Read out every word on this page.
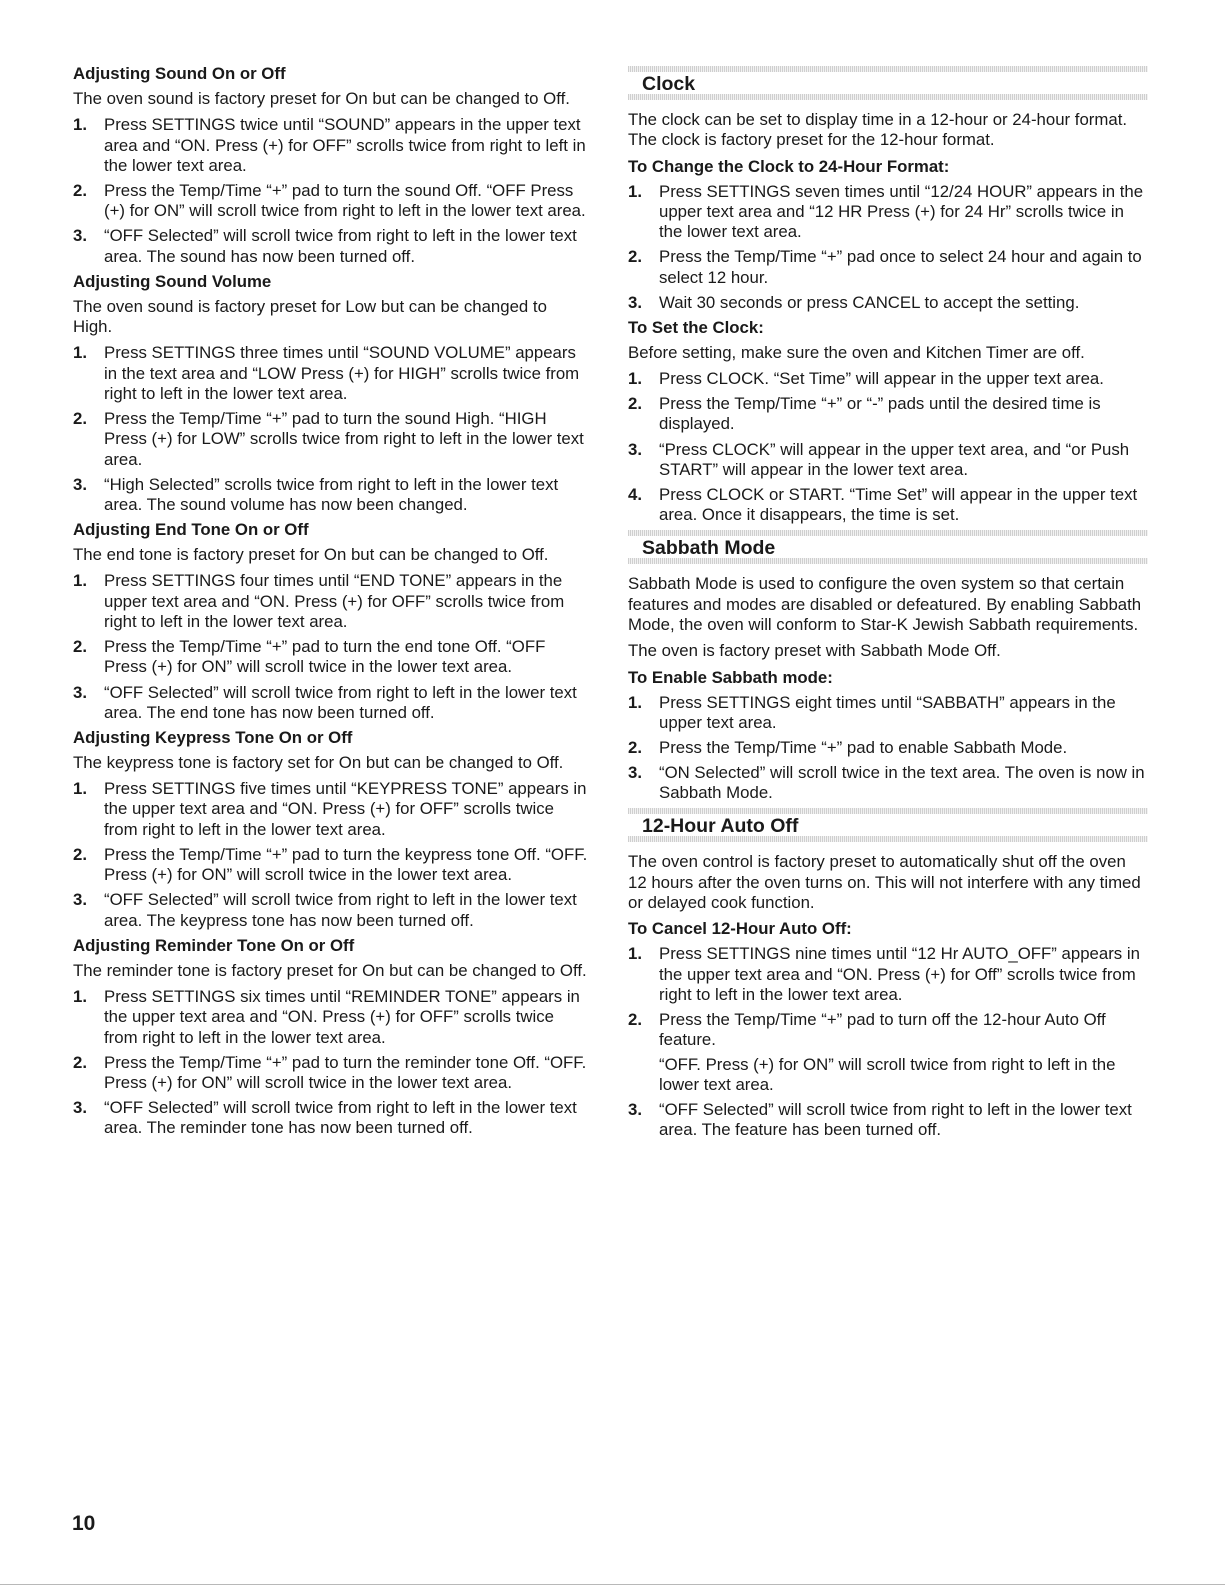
Adjusting Sound On or Off

The oven sound is factory preset for On but can be changed to Off.

1. Press SETTINGS twice until “SOUND” appears in the upper text area and “ON. Press (+) for OFF” scrolls twice from right to left in the lower text area.
2. Press the Temp/Time “+” pad to turn the sound Off. “OFF Press (+) for ON” will scroll twice from right to left in the lower text area.
3. “OFF Selected” will scroll twice from right to left in the lower text area. The sound has now been turned off.

Adjusting Sound Volume

The oven sound is factory preset for Low but can be changed to High.

1. Press SETTINGS three times until “SOUND VOLUME” appears in the text area and “LOW Press (+) for HIGH” scrolls twice from right to left in the lower text area.
2. Press the Temp/Time “+” pad to turn the sound High. “HIGH Press (+) for LOW” scrolls twice from right to left in the lower text area.
3. “High Selected” scrolls twice from right to left in the lower text area. The sound volume has now been changed.

Adjusting End Tone On or Off

The end tone is factory preset for On but can be changed to Off.

1. Press SETTINGS four times until “END TONE” appears in the upper text area and “ON. Press (+) for OFF” scrolls twice from right to left in the lower text area.
2. Press the Temp/Time “+” pad to turn the end tone Off. “OFF Press (+) for ON” will scroll twice in the lower text area.
3. “OFF Selected” will scroll twice from right to left in the lower text area. The end tone has now been turned off.

Adjusting Keypress Tone On or Off

The keypress tone is factory set for On but can be changed to Off.

1. Press SETTINGS five times until “KEYPRESS TONE” appears in the upper text area and “ON. Press (+) for OFF” scrolls twice from right to left in the lower text area.
2. Press the Temp/Time “+” pad to turn the keypress tone Off. “OFF. Press (+) for ON” will scroll twice in the lower text area.
3. “OFF Selected” will scroll twice from right to left in the lower text area. The keypress tone has now been turned off.

Adjusting Reminder Tone On or Off

The reminder tone is factory preset for On but can be changed to Off.

1. Press SETTINGS six times until “REMINDER TONE” appears in the upper text area and “ON. Press (+) for OFF” scrolls twice from right to left in the lower text area.
2. Press the Temp/Time “+” pad to turn the reminder tone Off. “OFF. Press (+) for ON” will scroll twice in the lower text area.
3. “OFF Selected” will scroll twice from right to left in the lower text area. The reminder tone has now been turned off.
Clock

The clock can be set to display time in a 12-hour or 24-hour format. The clock is factory preset for the 12-hour format.

To Change the Clock to 24-Hour Format:

1. Press SETTINGS seven times until “12/24 HOUR” appears in the upper text area and “12 HR Press (+) for 24 Hr” scrolls twice in the lower text area.
2. Press the Temp/Time “+” pad once to select 24 hour and again to select 12 hour.
3. Wait 30 seconds or press CANCEL to accept the setting.

To Set the Clock:

Before setting, make sure the oven and Kitchen Timer are off.

1. Press CLOCK. “Set Time” will appear in the upper text area.
2. Press the Temp/Time “+” or “-” pads until the desired time is displayed.
3. “Press CLOCK” will appear in the upper text area, and “or Push START” will appear in the lower text area.
4. Press CLOCK or START. “Time Set” will appear in the upper text area. Once it disappears, the time is set.
Sabbath Mode

Sabbath Mode is used to configure the oven system so that certain features and modes are disabled or defeatured. By enabling Sabbath Mode, the oven will conform to Star-K Jewish Sabbath requirements.

The oven is factory preset with Sabbath Mode Off.

To Enable Sabbath mode:

1. Press SETTINGS eight times until “SABBATH” appears in the upper text area.
2. Press the Temp/Time “+” pad to enable Sabbath Mode.
3. “ON Selected” will scroll twice in the text area. The oven is now in Sabbath Mode.
12-Hour Auto Off

The oven control is factory preset to automatically shut off the oven 12 hours after the oven turns on. This will not interfere with any timed or delayed cook function.

To Cancel 12-Hour Auto Off:

1. Press SETTINGS nine times until “12 Hr AUTO_OFF” appears in the upper text area and “ON. Press (+) for Off” scrolls twice from right to left in the lower text area.
2. Press the Temp/Time “+” pad to turn off the 12-hour Auto Off feature.
“OFF. Press (+) for ON” will scroll twice from right to left in the lower text area.
3. “OFF Selected” will scroll twice from right to left in the lower text area. The feature has been turned off.
10
